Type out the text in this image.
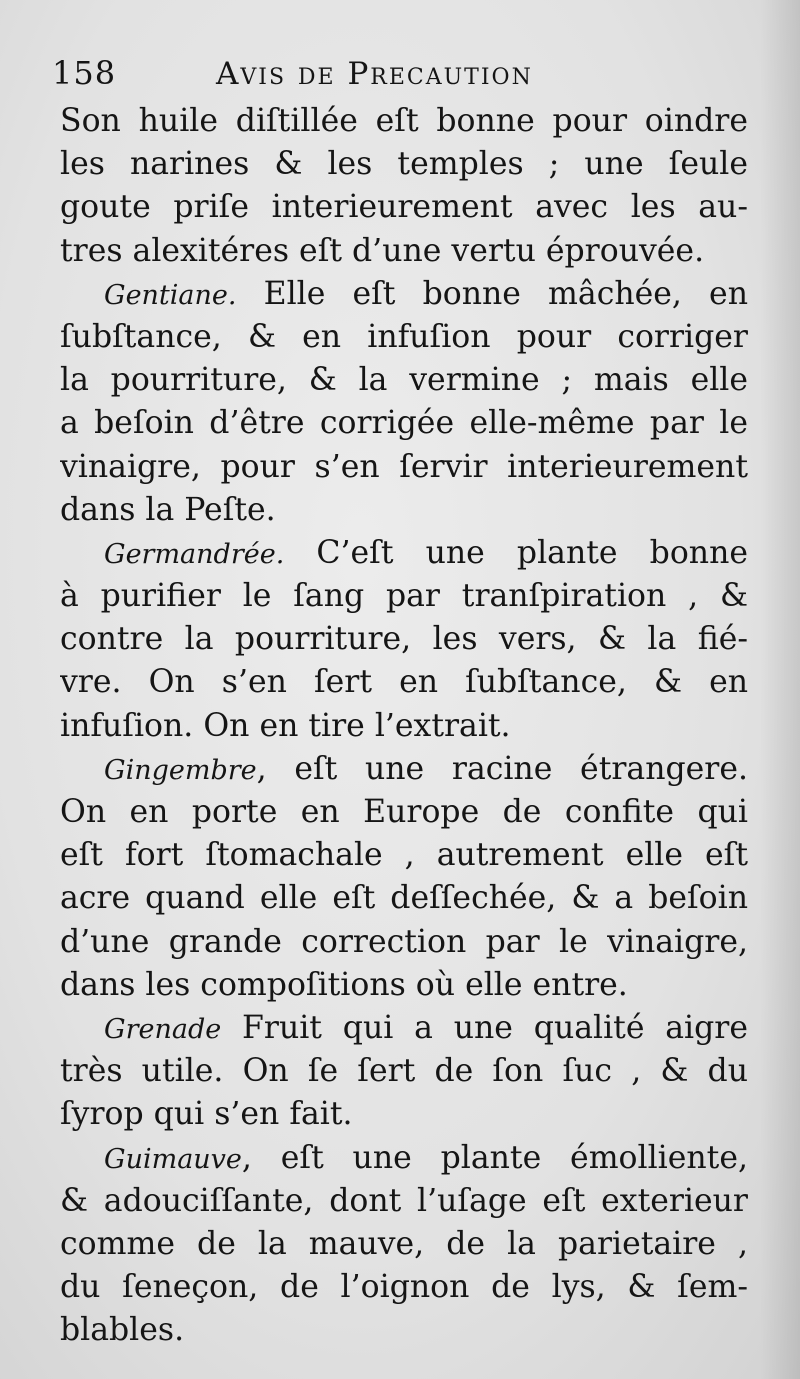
158	Avis de Precaution
Son huile diſtillée eſt bonne pour oindre
les narines & les temples ; une ſeule
goute priſe interieurement avec les au-
tres alexitéres eſt d’une vertu éprouvée.
Gentiane. Elle eſt bonne mâchée, en
ſubſtance, & en infuſion pour corriger
la pourriture, & la vermine ; mais elle
a beſoin d’être corrigée elle-même par le
vinaigre, pour s’en ſervir interieurement
dans la Peſte.
Germandrée. C’eſt une plante bonne
à purifier le ſang par tranſpiration , &
contre la pourriture, les vers, & la fié-
vre. On s’en ſert en ſubſtance, & en
infuſion. On en tire l’extrait.
Gingembre, eſt une racine étrangere.
On en porte en Europe de confite qui
eſt fort ſtomachale , autrement elle eſt
acre quand elle eſt deſſechée, & a beſoin
d’une grande correction par le vinaigre,
dans les compoſitions où elle entre.
Grenade Fruit qui a une qualité aigre
très utile. On ſe ſert de ſon ſuc , & du
ſyrop qui s’en fait.
Guimauve, eſt une plante émolliente,
& adouciſſante, dont l’uſage eſt exterieur
comme de la mauve, de la parietaire ,
du ſeneçon, de l’oignon de lys, & ſem-
blables.
